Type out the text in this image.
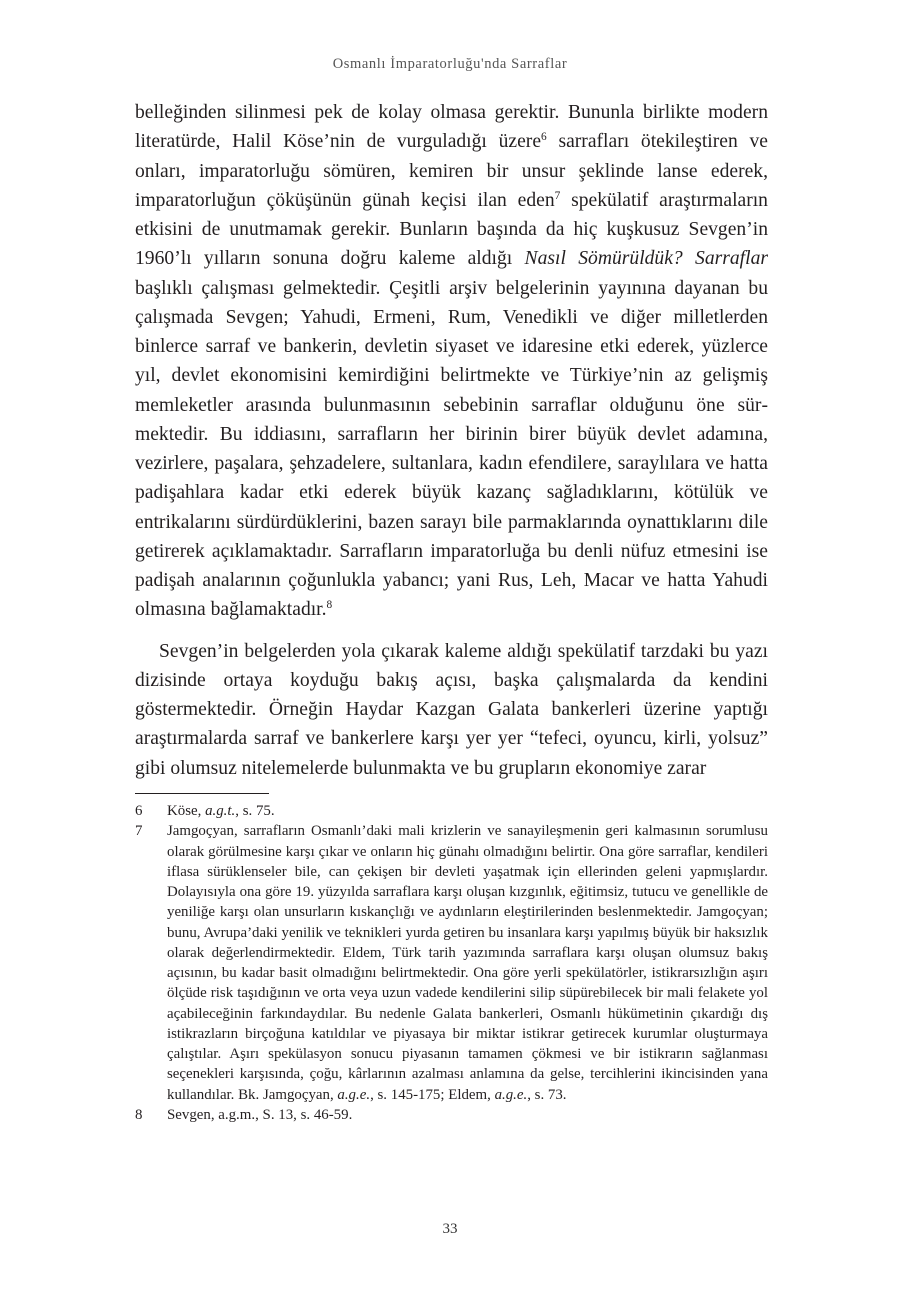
Osmanlı İmparatorluğu'nda Sarraflar

belleğinden silinmesi pek de kolay olmasa gerektir. Bununla birlikte modern literatürde, Halil Köse’nin de vurguladığı üzere$^6$ sarrafları ötekileştiren ve onları, imparatorluğu sömüren, kemiren bir unsur şeklinde lanse ederek, imparatorluğun çöküşünün günah keçisi ilan eden$^7$ spekülatif araştırmaların etkisini de unutmamak gerekir. Bunların başında da hiç kuşkusuz Sevgen’in 1960’lı yılların sonuna doğru kaleme aldığı Nasıl Sömürüldük? Sarraflar başlıklı çalışması gelmektedir. Çeşitli arşiv belgelerinin yayınına dayanan bu çalışmada Sevgen; Yahudi, Ermeni, Rum, Venedikli ve diğer milletlerden binlerce sarraf ve bankerin, devletin siyaset ve idaresine etki ederek, yüzlerce yıl, devlet ekonomisini kemirdiğini belirtmekte ve Türkiye’nin az gelişmiş memleketler arasında bulunmasının sebebinin sarraflar olduğunu öne sürmektedir. Bu iddiasını, sarrafların her birinin birer büyük devlet adamına, vezirlere, paşalara, şehzadelere, sultanlara, kadın efendilere, saraylılara ve hatta padişahlara kadar etki ederek büyük kazanç sağladıklarını, kötülük ve entrikalarını sürdürdüklerini, bazen sarayı bile parmaklarında oynattıklarını dile getirerek açıklamaktadır. Sarrafların imparatorluğa bu denli nüfuz etmesini ise padişah analarının çoğunlukla yabancı; yani Rus, Leh, Macar ve hatta Yahudi olmasına bağlamaktadır.$^8$

Sevgen’in belgelerden yola çıkarak kaleme aldığı spekülatif tarzdaki bu yazı dizisinde ortaya koyduğu bakış açısı, başka çalışmalarda da kendini göstermektedir. Örneğin Haydar Kazgan Galata bankerleri üzerine yaptığı araştırmalarda sarraf ve bankerlere karşı yer yer “tefeci, oyuncu, kirli, yolsuz” gibi olumsuz nitelemelerde bulunmakta ve bu grupların ekonomiye zarar

6 Köse, a.g.t., s. 75.
7 Jamgoçyan, sarrafların Osmanlı’daki mali krizlerin ve sanayileşmenin geri kalmasının sorumlusu olarak görülmesine karşı çıkar ve onların hiç günahı olmadığını belirtir. Ona göre sarraflar, kendileri iflasa sürüklenseler bile, can çekişen bir devleti yaşatmak için ellerinden geleni yapmışlardır. Dolayısıyla ona göre 19. yüzyılda sarraflara karşı oluşan kızgınlık, eğitimsiz, tutucu ve genellikle de yeniliğe karşı olan unsurların kıskançlığı ve aydınların eleştirilerinden beslenmektedir. Jamgoçyan; bunu, Avrupa’daki yenilik ve teknikleri yurda getiren bu insanlara karşı yapılmış büyük bir haksızlık olarak değerlendirmektedir. Eldem, Türk tarih yazımında sarraflara karşı oluşan olumsuz bakış açısının, bu kadar basit olmadığını belirtmektedir. Ona göre yerli spekülatörler, istikrarsızlığın aşırı ölçüde risk taşıdığının ve orta veya uzun vadede kendilerini silip süpürebilecek bir mali felakete yol açabileceğinin farkındaydılar. Bu nedenle Galata bankerleri, Osmanlı hükümetinin çıkardığı dış istikrazların birçoğuna katıldılar ve piyasaya bir miktar istikrar getirecek kurumlar oluşturmaya çalıştılar. Aşırı spekülasyon sonucu piyasanın tamamen çökmesi ve bir istikrarın sağlanması seçenekleri karşısında, çoğu, kârlarının azalması anlamına da gelse, tercihlerini ikincisinden yana kullandılar. Bk. Jamgoçyan, a.g.e., s. 145-175; Eldem, a.g.e., s. 73.
8 Sevgen, a.g.m., S. 13, s. 46-59.
33
